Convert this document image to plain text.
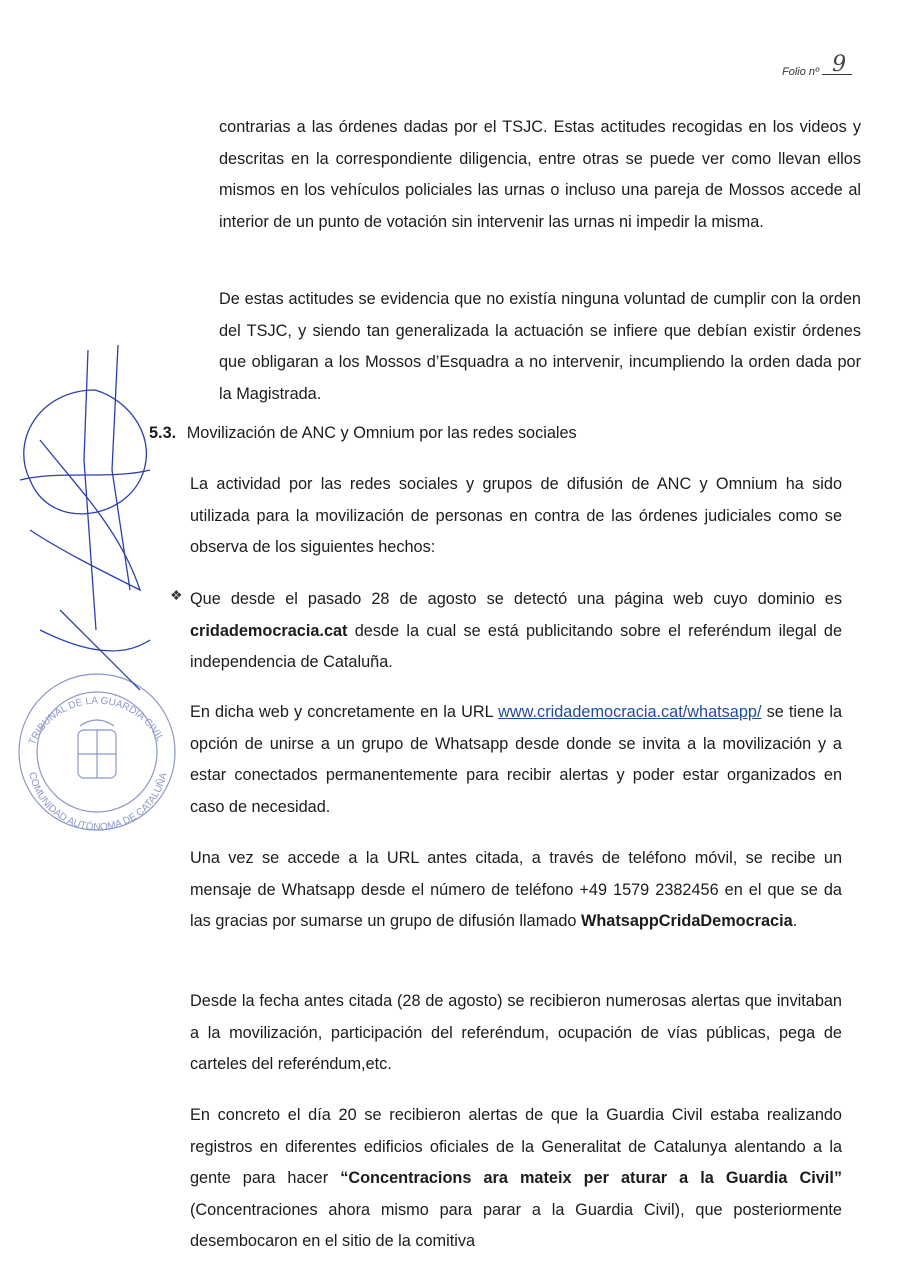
Folio nº 9
TRIBUNAL DE LA GUARDIA CIVIL
COMUNIDAD AUTÓNOMA DE CATALUÑA

contrarias a las órdenes dadas por el TSJC. Estas actitudes recogidas en los videos y descritas en la correspondiente diligencia, entre otras se puede ver como llevan ellos mismos en los vehículos policiales las urnas o incluso una pareja de Mossos accede al interior de un punto de votación sin intervenir las urnas ni impedir la misma.

De estas actitudes se evidencia que no existía ninguna voluntad de cumplir con la orden del TSJC, y siendo tan generalizada la actuación se infiere que debían existir órdenes que obligaran a los Mossos d’Esquadra a no intervenir, incumpliendo la orden dada por la Magistrada.

5.3. Movilización de ANC y Omnium por las redes sociales

La actividad por las redes sociales y grupos de difusión de ANC y Omnium ha sido utilizada para la movilización de personas en contra de las órdenes judiciales como se observa de los siguientes hechos:

❖ Que desde el pasado 28 de agosto se detectó una página web cuyo dominio es cridademocracia.cat desde la cual se está publicitando sobre el referéndum ilegal de independencia de Cataluña.

En dicha web y concretamente en la URL www.cridademocracia.cat/whatsapp/ se tiene la opción de unirse a un grupo de Whatsapp desde donde se invita a la movilización y a estar conectados permanentemente para recibir alertas y poder estar organizados en caso de necesidad.

Una vez se accede a la URL antes citada, a través de teléfono móvil, se recibe un mensaje de Whatsapp desde el número de teléfono +49 1579 2382456 en el que se da las gracias por sumarse un grupo de difusión llamado WhatsappCridaDemocracia.

Desde la fecha antes citada (28 de agosto) se recibieron numerosas alertas que invitaban a la movilización, participación del referéndum, ocupación de vías públicas, pega de carteles del referéndum,etc.

En concreto el día 20 se recibieron alertas de que la Guardia Civil estaba realizando registros en diferentes edificios oficiales de la Generalitat de Catalunya alentando a la gente para hacer “Concentracions ara mateix per aturar a la Guardia Civil” (Concentraciones ahora mismo para parar a la Guardia Civil), que posteriormente desembocaron en el sitio de la comitiva
